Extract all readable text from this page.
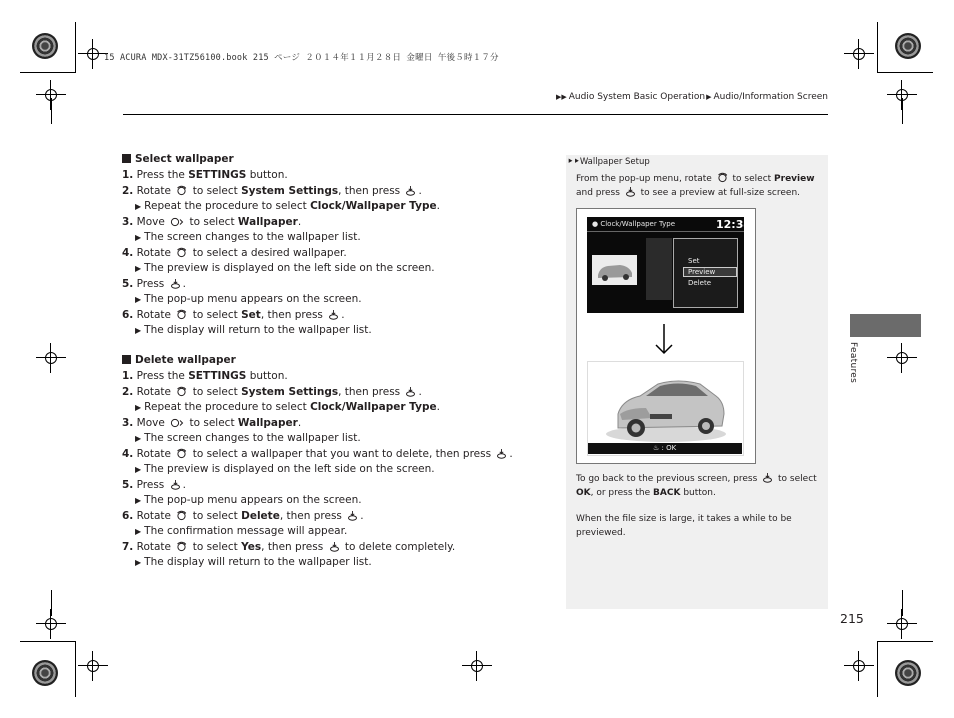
15 ACURA MDX-31TZ56100.book 215 ページ ２０１４年１１月２８日 金曜日 午後５時１７分
▶▶ Audio System Basic Operation▶ Audio/Information Screen
Select wallpaper
1. Press the SETTINGS button.
2. Rotate  to select System Settings, then press .
▶ Repeat the procedure to select Clock/Wallpaper Type.
3. Move  to select Wallpaper.
▶ The screen changes to the wallpaper list.
4. Rotate  to select a desired wallpaper.
▶ The preview is displayed on the left side on the screen.
5. Press .
▶ The pop-up menu appears on the screen.
6. Rotate  to select Set, then press .
▶ The display will return to the wallpaper list.
Delete wallpaper
1. Press the SETTINGS button.
2. Rotate  to select System Settings, then press .
▶ Repeat the procedure to select Clock/Wallpaper Type.
3. Move  to select Wallpaper.
▶ The screen changes to the wallpaper list.
4. Rotate  to select a wallpaper that you want to delete, then press .
▶ The preview is displayed on the left side on the screen.
5. Press .
▶ The pop-up menu appears on the screen.
6. Rotate  to select Delete, then press .
▶ The confirmation message will appear.
7. Rotate  to select Yes, then press  to delete completely.
▶ The display will return to the wallpaper list.
⯈⯈Wallpaper Setup
From the pop-up menu, rotate  to select Preview
and press  to see a preview at full-size screen.
● Clock/Wallpaper Type	12:34
Set
Preview
Delete
♨ : OK
To go back to the previous screen, press  to select
OK, or press the BACK button.
When the file size is large, it takes a while to be previewed.
Features
215
